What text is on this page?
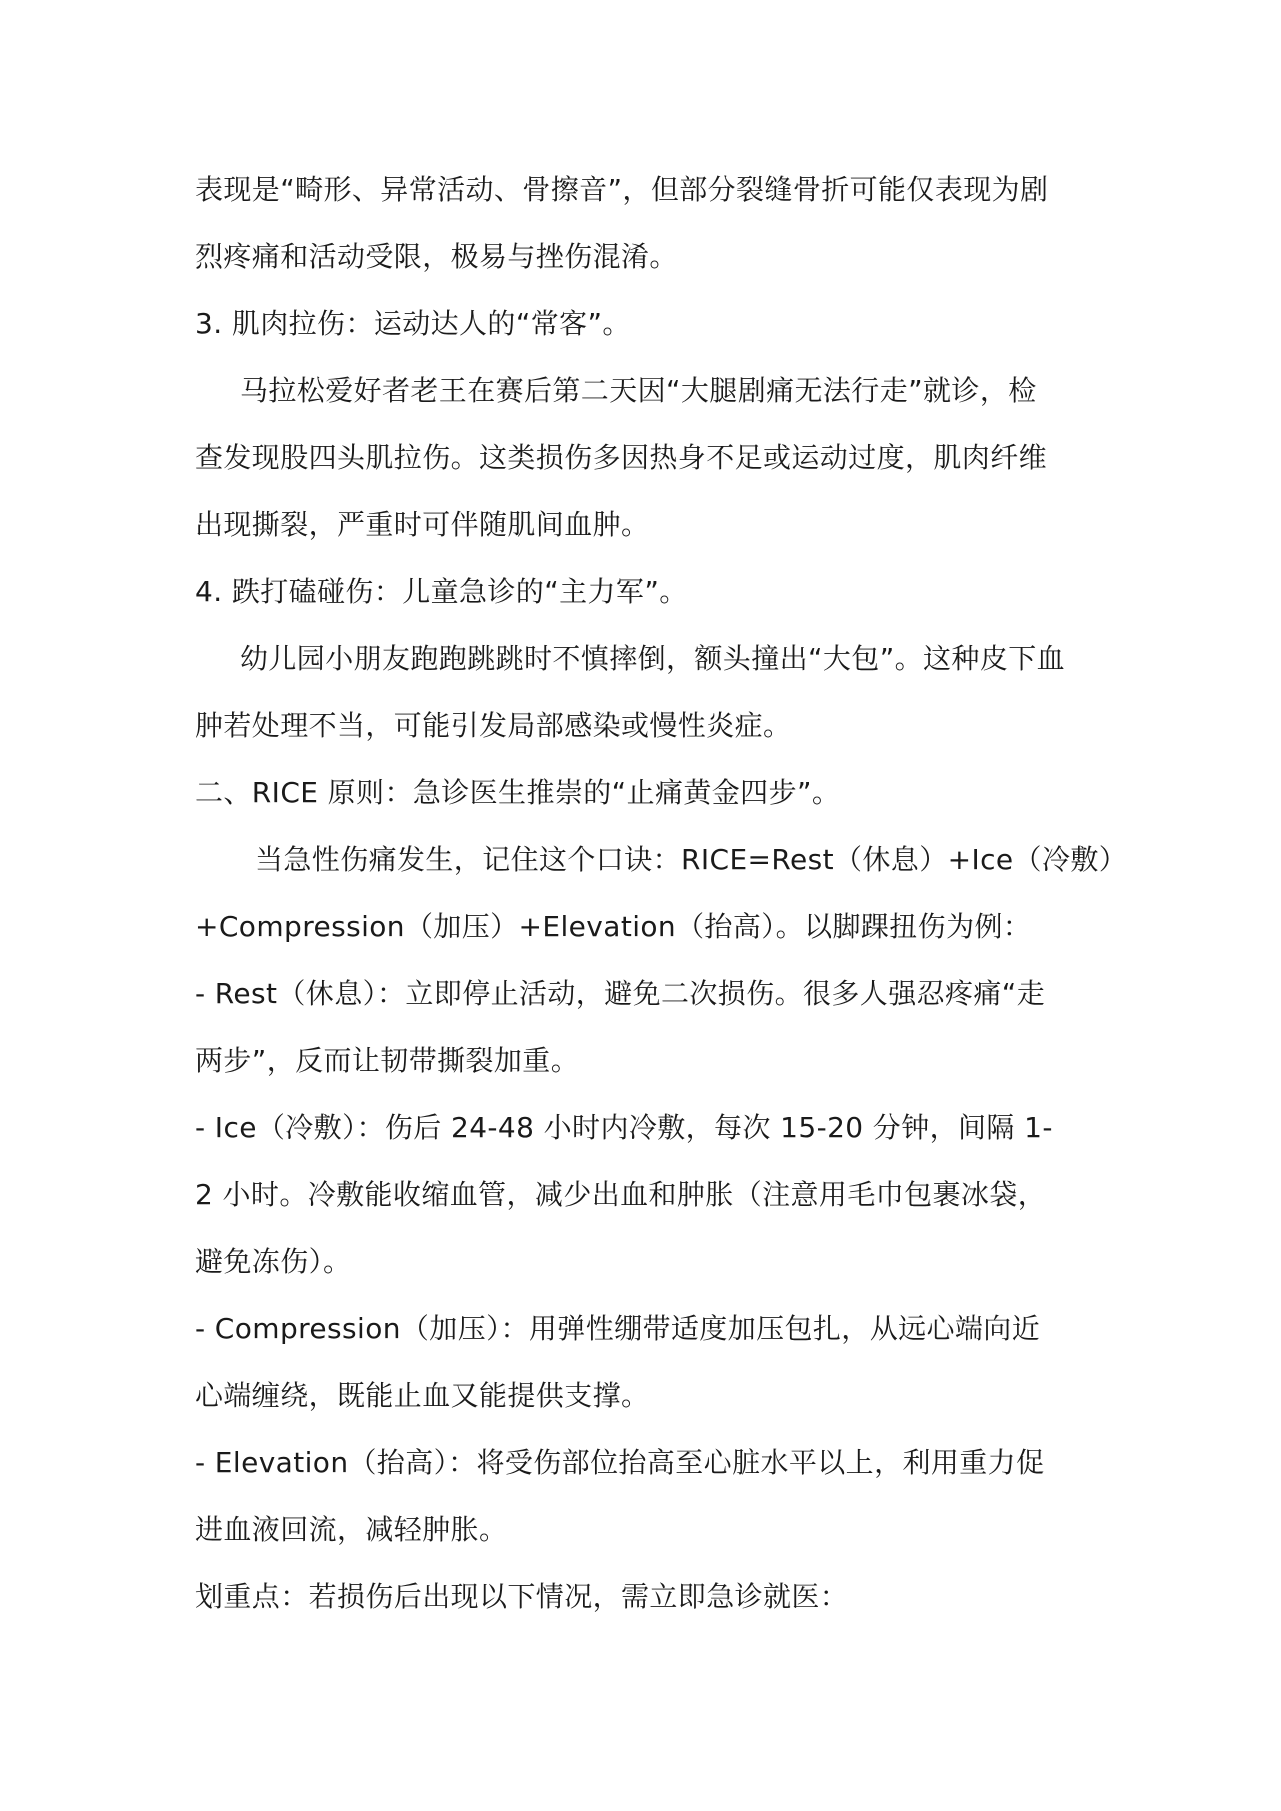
表现是“畸形、异常活动、骨擦音”，但部分裂缝骨折可能仅表现为剧
烈疼痛和活动受限，极易与挫伤混淆。
3. 肌肉拉伤：运动达人的“常客”。
马拉松爱好者老王在赛后第二天因“大腿剧痛无法行走”就诊，检
查发现股四头肌拉伤。这类损伤多因热身不足或运动过度，肌肉纤维
出现撕裂，严重时可伴随肌间血肿。
4. 跌打磕碰伤：儿童急诊的“主力军”。
幼儿园小朋友跑跑跳跳时不慎摔倒，额头撞出“大包”。这种皮下血
肿若处理不当，可能引发局部感染或慢性炎症。
二、RICE 原则：急诊医生推崇的“止痛黄金四步”。
当急性伤痛发生，记住这个口诀：RICE=Rest（休息）+Ice（冷敷）
+Compression（加压）+Elevation（抬高）。以脚踝扭伤为例：
- Rest（休息）：立即停止活动，避免二次损伤。很多人强忍疼痛“走
两步”，反而让韧带撕裂加重。
- Ice（冷敷）：伤后 24-48 小时内冷敷，每次 15-20 分钟，间隔 1-
2 小时。冷敷能收缩血管，减少出血和肿胀（注意用毛巾包裹冰袋，
避免冻伤）。
- Compression（加压）：用弹性绷带适度加压包扎，从远心端向近
心端缠绕，既能止血又能提供支撑。
- Elevation（抬高）：将受伤部位抬高至心脏水平以上，利用重力促
进血液回流，减轻肿胀。
划重点：若损伤后出现以下情况，需立即急诊就医：
